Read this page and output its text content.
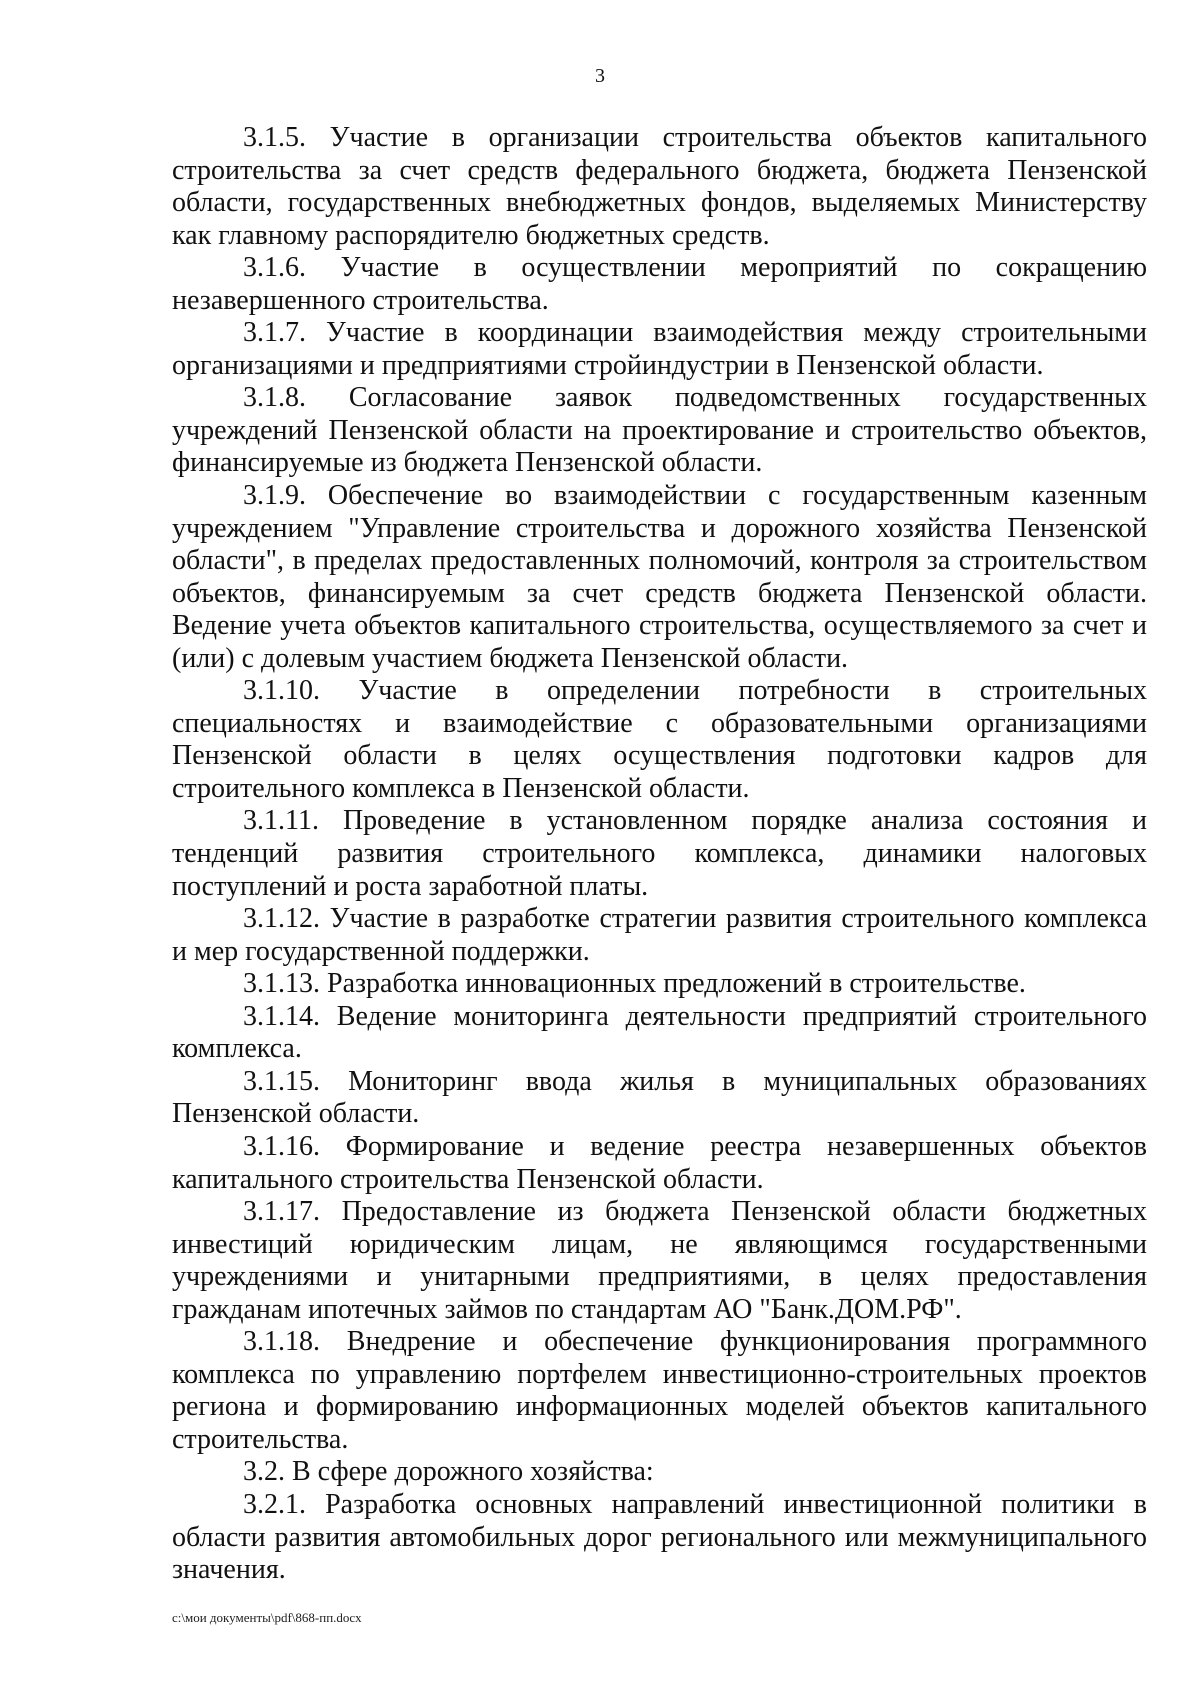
3

3.1.5. Участие в организации строительства объектов капитального строительства за счет средств федерального бюджета, бюджета Пензенской области, государственных внебюджетных фондов, выделяемых Министерству как главному распорядителю бюджетных средств.

3.1.6. Участие в осуществлении мероприятий по сокращению незавершенного строительства.

3.1.7. Участие в координации взаимодействия между строительными организациями и предприятиями стройиндустрии в Пензенской области.

3.1.8. Согласование заявок подведомственных государственных учреждений Пензенской области на проектирование и строительство объектов, финансируемые из бюджета Пензенской области.

3.1.9. Обеспечение во взаимодействии с государственным казенным учреждением "Управление строительства и дорожного хозяйства Пензенской области", в пределах предоставленных полномочий, контроля за строительством объектов, финансируемым за счет средств бюджета Пензенской области. Ведение учета объектов капитального строительства, осуществляемого за счет и (или) с долевым участием бюджета Пензенской области.

3.1.10. Участие в определении потребности в строительных специальностях и взаимодействие с образовательными организациями Пензенской области в целях осуществления подготовки кадров для строительного комплекса в Пензенской области.

3.1.11. Проведение в установленном порядке анализа состояния и тенденций развития строительного комплекса, динамики налоговых поступлений и роста заработной платы.

3.1.12. Участие в разработке стратегии развития строительного комплекса и мер государственной поддержки.

3.1.13. Разработка инновационных предложений в строительстве.

3.1.14. Ведение мониторинга деятельности предприятий строительного комплекса.

3.1.15. Мониторинг ввода жилья в муниципальных образованиях Пензенской области.

3.1.16. Формирование и ведение реестра незавершенных объектов капитального строительства Пензенской области.

3.1.17. Предоставление из бюджета Пензенской области бюджетных инвестиций юридическим лицам, не являющимся государственными учреждениями и унитарными предприятиями, в целях предоставления гражданам ипотечных займов по стандартам АО "Банк.ДОМ.РФ".

3.1.18. Внедрение и обеспечение функционирования программного комплекса по управлению портфелем инвестиционно-строительных проектов региона и формированию информационных моделей объектов капитального строительства.

3.2. В сфере дорожного хозяйства:

3.2.1. Разработка основных направлений инвестиционной политики в области развития автомобильных дорог регионального или межмуниципального значения.

c:\мои документы\pdf\868-пп.docx
